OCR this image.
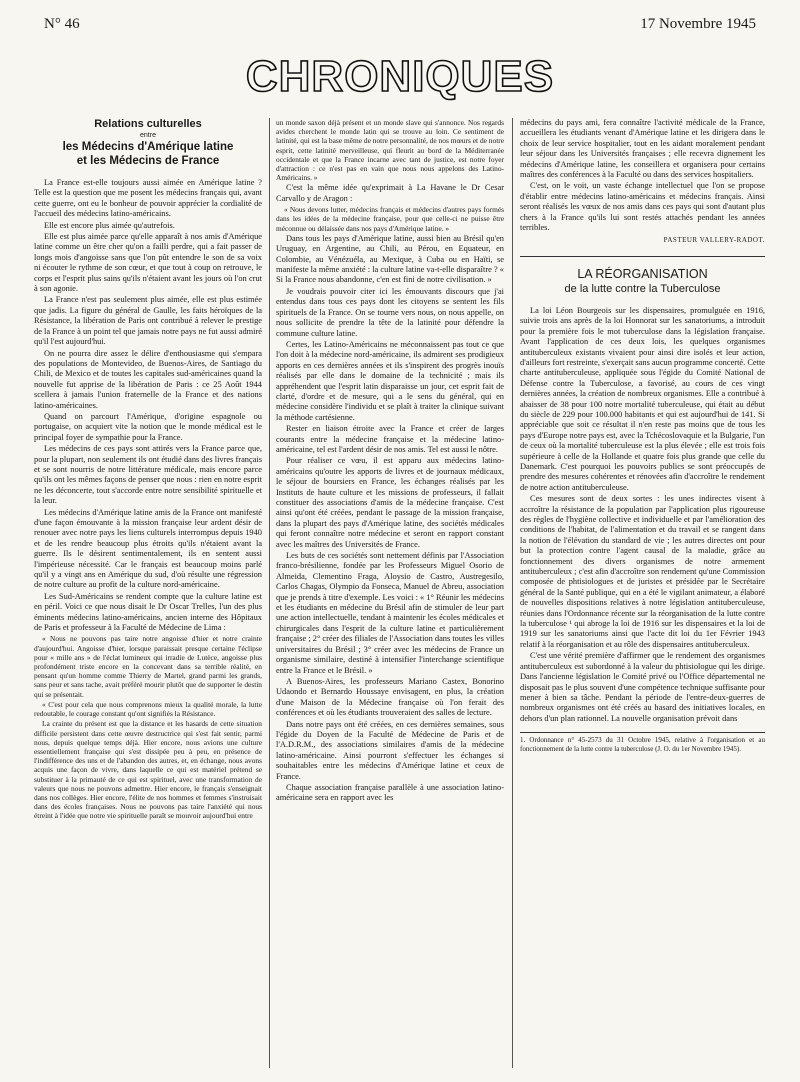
N° 46	17 Novembre 1945
CHRONIQUES
Relations culturelles
entre
les Médecins d'Amérique latine
et les Médecins de France

La France est-elle toujours aussi aimée en Amérique latine ? Telle est la question que me posent les médecins français qui, avant cette guerre, ont eu le bonheur de pouvoir apprécier la cordialité de l'accueil des médecins latino-américains.

Elle est encore plus aimée qu'autrefois.

Elle est plus aimée parce qu'elle apparaît à nos amis d'Amérique latine comme un être cher qu'on a failli perdre, qui a fait passer de longs mois d'angoisse sans que l'on pût entendre le son de sa voix ni écouter le rythme de son cœur, et que tout à coup on retrouve, le corps et l'esprit plus sains qu'ils n'étaient avant les jours où l'on crut à son agonie.

La France n'est pas seulement plus aimée, elle est plus estimée que jadis. La figure du général de Gaulle, les faits héroïques de la Résistance, la libération de Paris ont contribué à relever le prestige de la France à un point tel que jamais notre pays ne fut aussi admiré qu'il l'est aujourd'hui.

On ne pourra dire assez le délire d'enthousiasme qui s'empara des populations de Montevideo, de Buenos-Aires, de Santiago du Chili, de Mexico et de toutes les capitales sud-américaines quand la nouvelle fut apprise de la libération de Paris : ce 25 Août 1944 scellera à jamais l'union fraternelle de la France et des nations latino-américaines.

Quand on parcourt l'Amérique, d'origine espagnole ou portugaise, on acquiert vite la notion que le monde médical est le principal foyer de sympathie pour la France.

Les médecins de ces pays sont attirés vers la France parce que, pour la plupart, non seulement ils ont étudié dans des livres français et se sont nourris de notre littérature médicale, mais encore parce qu'ils ont les mêmes façons de penser que nous : rien en notre esprit ne les déconcerte, tout s'accorde entre notre sensibilité spirituelle et la leur.

Les médecins d'Amérique latine amis de la France ont manifesté d'une façon émouvante à la mission française leur ardent désir de renouer avec notre pays les liens culturels interrompus depuis 1940 et de les rendre beaucoup plus étroits qu'ils n'étaient avant la guerre. Ils le désirent sentimentalement, ils en sentent aussi l'impérieuse nécessité. Car le français est beaucoup moins parlé qu'il y a vingt ans en Amérique du sud, d'où résulte une régression de notre culture au profit de la culture nord-américaine.

Les Sud-Américains se rendent compte que la culture latine est en péril. Voici ce que nous disait le Dr Oscar Trelles, l'un des plus éminents médecins latino-américains, ancien interne des Hôpitaux de Paris et professeur à la Faculté de Médecine de Lima :

« Nous ne pouvons pas taire notre angoisse d'hier et notre crainte d'aujourd'hui. Angoisse d'hier, lorsque paraissait presque certaine l'éclipse pour « mille ans » de l'éclat lumineux qui irradie de Lutèce, angoisse plus profondément triste encore en la concevant dans sa terrible réalité, en pensant qu'un homme comme Thierry de Martel, grand parmi les grands, sans peur et sans tache, avait préféré mourir plutôt que de supporter le destin qui se présentait.

« C'est pour cela que nous comprenons mieux la qualité morale, la lutte redoutable, le courage constant qu'ont signifiés la Résistance.

La crainte du présent est que la distance et les hasards de cette situation difficile persistent dans cette œuvre destructrice qui s'est fait sentir, parmi nous, depuis quelque temps déjà. Hier encore, nous avions une culture essentiellement française qui s'est dissipée peu à peu, en présence de l'indifférence des uns et de l'abandon des autres, et, en échange, nous avons acquis une façon de vivre, dans laquelle ce qui est matériel prétend se substituer à la primauté de ce qui est spirituel, avec une transformation de valeurs que nous ne pouvons admettre. Hier encore, le français s'enseignait dans nos collèges. Hier encore, l'élite de nos hommes et femmes s'instruisait dans des écoles françaises. Nous ne pouvons pas taire l'anxiété qui nous étreint à l'idée que notre vie spirituelle paraît se mouvoir aujourd'hui entre

un monde saxon déjà présent et un monde slave qui s'annonce. Nos regards avides cherchent le monde latin qui se trouve au loin. Ce sentiment de latinité, qui est la base même de notre personnalité, de nos mœurs et de notre esprit, cette latinité merveilleuse, qui fleurit au bord de la Méditerranée occidentale et que la France incarne avec tant de justice, est notre foyer d'attraction : ce n'est pas en vain que nous nous appelons des Latino-Américains. »

C'est la même idée qu'exprimait à La Havane le Dr Cesar Carvallo y de Aragon :

« Nous devons lutter, médecins français et médecins d'autres pays formés dans les idées de la médecine française, pour que celle-ci ne puisse être méconnue ou délaissée dans nos pays d'Amérique latine. »

Dans tous les pays d'Amérique latine, aussi bien au Brésil qu'en Uruguay, en Argentine, au Chili, au Pérou, en Equateur, en Colombie, au Vénézuéla, au Mexique, à Cuba ou en Haïti, se manifeste la même anxiété : la culture latine va-t-elle disparaître ? « Si la France nous abandonne, c'en est fini de notre civilisation. »

Je voudrais pouvoir citer ici les émouvants discours que j'ai entendus dans tous ces pays dont les citoyens se sentent les fils spirituels de la France. On se tourne vers nous, on nous appelle, on nous sollicite de prendre la tête de la latinité pour défendre la commune culture latine.

Certes, les Latino-Américains ne méconnaissent pas tout ce que l'on doit à la médecine nord-américaine, ils admirent ses prodigieux apports en ces dernières années et ils s'inspirent des progrès inouïs réalisés par elle dans le domaine de la technicité ; mais ils appréhendent que l'esprit latin disparaisse un jour, cet esprit fait de clarté, d'ordre et de mesure, qui a le sens du général, qui en médecine considère l'individu et se plaît à traiter la clinique suivant la méthode cartésienne.

Rester en liaison étroite avec la France et créer de larges courants entre la médecine française et la médecine latino-américaine, tel est l'ardent désir de nos amis. Tel est aussi le nôtre.

Pour réaliser ce vœu, il est apparu aux médecins latino-américains qu'outre les apports de livres et de journaux médicaux, le séjour de boursiers en France, les échanges réalisés par les Instituts de haute culture et les missions de professeurs, il fallait constituer des associations d'amis de la médecine française. C'est ainsi qu'ont été créées, pendant le passage de la mission française, dans la plupart des pays d'Amérique latine, des sociétés médicales qui feront connaître notre médecine et seront en rapport constant avec les maîtres des Universités de France.

Les buts de ces sociétés sont nettement définis par l'Association franco-brésilienne, fondée par les Professeurs Miguel Osorio de Almeida, Clementino Fraga, Aloysio de Castro, Austregesilo, Carlos Chagas, Olympio da Fonseca, Manuel de Abreu, association que je prends à titre d'exemple. Les voici : « 1° Réunir les médecins et les étudiants en médecine du Brésil afin de stimuler de leur part une action intellectuelle, tendant à maintenir les écoles médicales et chirurgicales dans l'esprit de la culture latine et particulièrement française ; 2° créer des filiales de l'Association dans toutes les villes universitaires du Brésil ; 3° créer avec les médecins de France un organisme similaire, destiné à intensifier l'interchange scientifique entre la France et le Brésil. »

A Buenos-Aires, les professeurs Mariano Castex, Bonorino Udaondo et Bernardo Houssaye envisagent, en plus, la création d'une Maison de la Médecine française où l'on ferait des conférences et où les étudiants trouveraient des salles de lecture.

Dans notre pays ont été créées, en ces dernières semaines, sous l'égide du Doyen de la Faculté de Médecine de Paris et de l'A.D.R.M., des associations similaires d'amis de la médecine latino-américaine. Ainsi pourront s'effectuer les échanges si souhaitables entre les médecins d'Amérique latine et ceux de France.

Chaque association française parallèle à une association latino-américaine sera en rapport avec les

médecins du pays ami, fera connaître l'activité médicale de la France, accueillera les étudiants venant d'Amérique latine et les dirigera dans le choix de leur service hospitalier, tout en les aidant moralement pendant leur séjour dans les Universités françaises ; elle recevra dignement les médecins d'Amérique latine, les conseillera et organisera pour certains maîtres des conférences à la Faculté ou dans des services hospitaliers.

C'est, on le voit, un vaste échange intellectuel que l'on se propose d'établir entre médecins latino-américains et médecins français. Ainsi seront réalisés les vœux de nos amis dans ces pays qui sont d'autant plus chers à la France qu'ils lui sont restés attachés pendant les années terribles.

PASTEUR VALLERY-RADOT.
LA RÉORGANISATION
de la lutte contre la Tuberculose

La loi Léon Bourgeois sur les dispensaires, promulguée en 1916, suivie trois ans après de la loi Honnorat sur les sanatoriums, a introduit pour la première fois le mot tuberculose dans la législation française. Avant l'application de ces deux lois, les quelques organismes antituberculeux existants vivaient pour ainsi dire isolés et leur action, d'ailleurs fort restreinte, s'exerçait sans aucun programme concerté. Cette charte antituberculeuse, appliquée sous l'égide du Comité National de Défense contre la Tuberculose, a favorisé, au cours de ces vingt dernières années, la création de nombreux organismes. Elle a contribué à abaisser de 38 pour 100 notre mortalité tuberculeuse, qui était au début du siècle de 229 pour 100.000 habitants et qui est aujourd'hui de 141. Si appréciable que soit ce résultat il n'en reste pas moins que de tous les pays d'Europe notre pays est, avec la Tchécoslovaquie et la Bulgarie, l'un de ceux où la mortalité tuberculeuse est la plus élevée ; elle est trois fois supérieure à celle de la Hollande et quatre fois plus grande que celle du Danemark. C'est pourquoi les pouvoirs publics se sont préoccupés de prendre des mesures cohérentes et rénovées afin d'accroître le rendement de notre action antituberculeuse.

Ces mesures sont de deux sortes : les unes indirectes visent à accroître la résistance de la population par l'application plus rigoureuse des règles de l'hygiène collective et individuelle et par l'amélioration des conditions de l'habitat, de l'alimentation et du travail et se rangent dans la notion de l'élévation du standard de vie ; les autres directes ont pour but la protection contre l'agent causal de la maladie, grâce au fonctionnement des divers organismes de notre armement antituberculeux ; c'est afin d'accroître son rendement qu'une Commission composée de phtisiologues et de juristes et présidée par le Secrétaire général de la Santé publique, qui en a été le vigilant animateur, a élaboré de nouvelles dispositions relatives à notre législation antituberculeuse, réunies dans l'Ordonnance récente sur la réorganisation de la lutte contre la tuberculose ¹ qui abroge la loi de 1916 sur les dispensaires et la loi de 1919 sur les sanatoriums ainsi que l'acte dit loi du 1er Février 1943 relatif à la réorganisation et au rôle des dispensaires antituberculeux.

C'est une vérité première d'affirmer que le rendement des organismes antituberculeux est subordonné à la valeur du phtisiologue qui les dirige. Dans l'ancienne législation le Comité privé ou l'Office départemental ne disposait pas le plus souvent d'une compétence technique suffisante pour mener à bien sa tâche. Pendant la période de l'entre-deux-guerres de nombreux organismes ont été créés au hasard des initiatives locales, en dehors d'un plan rationnel. La nouvelle organisation prévoit dans

1. Ordonnance n° 45-2573 du 31 Octobre 1945, relative à l'organisation et au fonctionnement de la lutte contre la tuberculose (J. O. du 1er Novembre 1945).
